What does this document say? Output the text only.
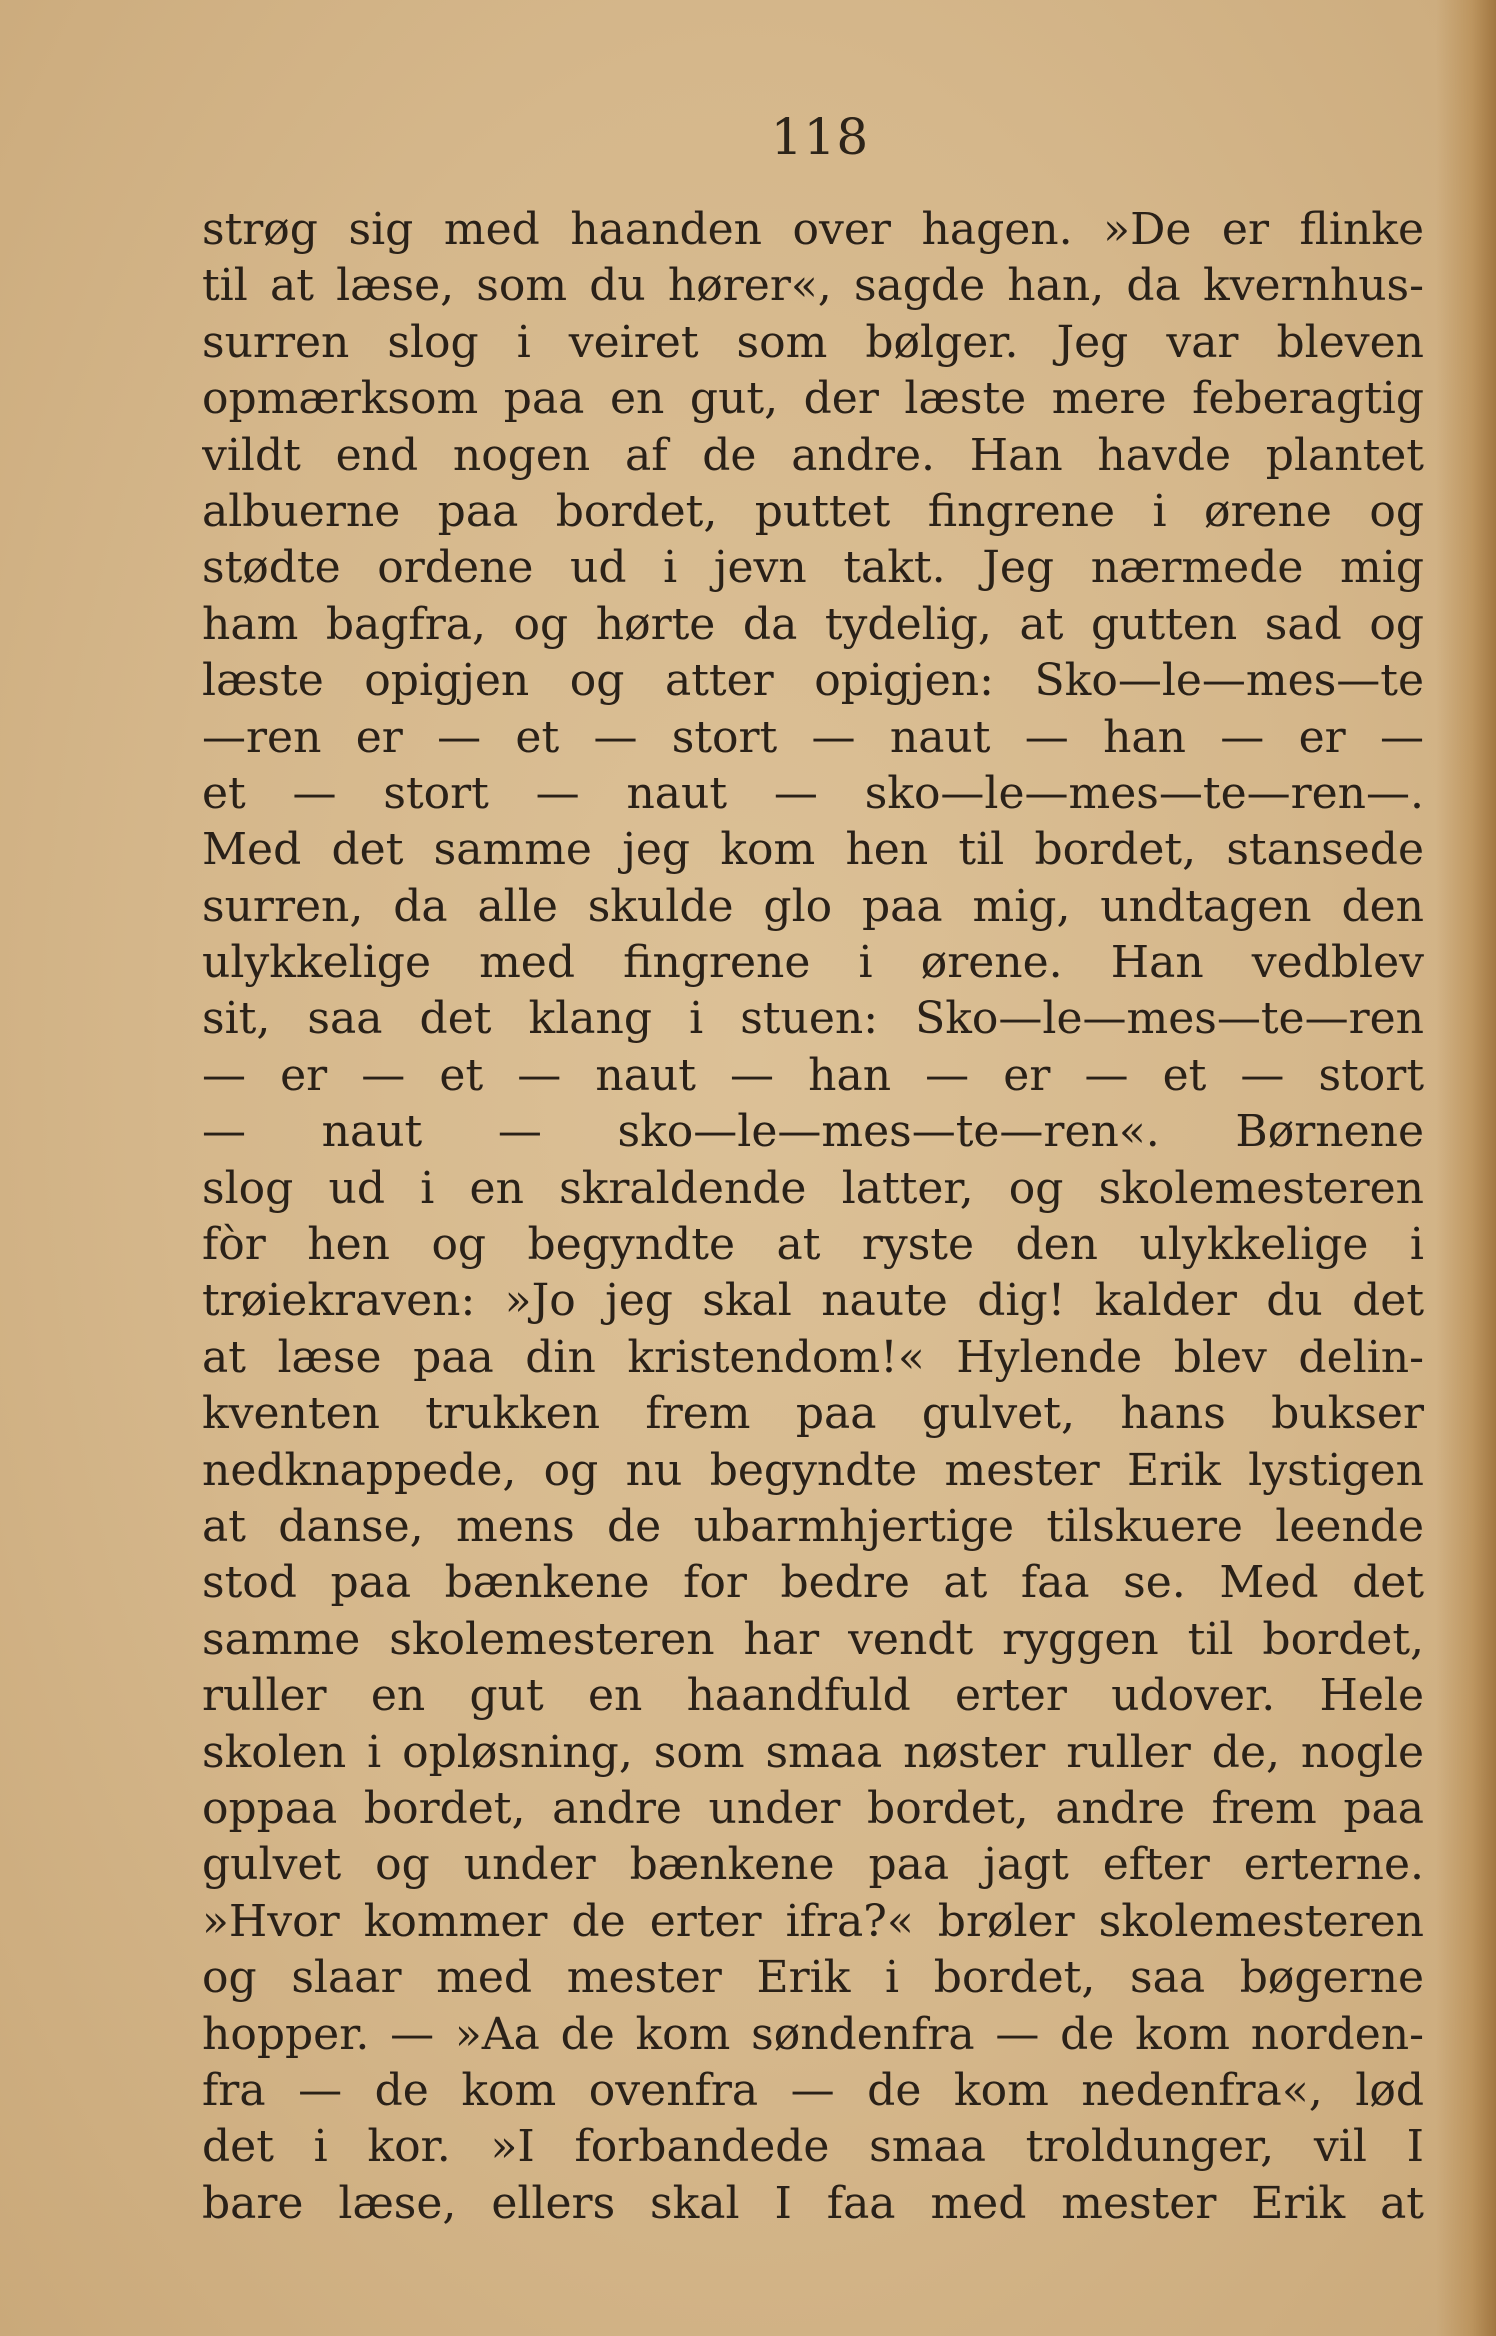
118
strøg sig med haanden over hagen. »De er flinke
til at læse, som du hører«, sagde han, da kvernhus-
surren slog i veiret som bølger. Jeg var bleven
opmærksom paa en gut, der læste mere feberagtig
vildt end nogen af de andre. Han havde plantet
albuerne paa bordet, puttet fingrene i ørene og
stødte ordene ud i jevn takt. Jeg nærmede mig
ham bagfra, og hørte da tydelig, at gutten sad og
læste opigjen og atter opigjen: Sko—le—mes—te
—ren er — et — stort — naut — han — er —
et — stort — naut — sko—le—mes—te—ren—.
Med det samme jeg kom hen til bordet, stansede
surren, da alle skulde glo paa mig, undtagen den
ulykkelige med fingrene i ørene. Han vedblev
sit, saa det klang i stuen: Sko—le—mes—te—ren
— er — et — naut — han — er — et — stort
— naut — sko—le—mes—te—ren«. Børnene
slog ud i en skraldende latter, og skolemesteren
fòr hen og begyndte at ryste den ulykkelige i
trøiekraven: »Jo jeg skal naute dig! kalder du det
at læse paa din kristendom!« Hylende blev delin-
kventen trukken frem paa gulvet, hans bukser
nedknappede, og nu begyndte mester Erik lystigen
at danse, mens de ubarmhjertige tilskuere leende
stod paa bænkene for bedre at faa se. Med det
samme skolemesteren har vendt ryggen til bordet,
ruller en gut en haandfuld erter udover. Hele
skolen i opløsning, som smaa nøster ruller de, nogle
oppaa bordet, andre under bordet, andre frem paa
gulvet og under bænkene paa jagt efter erterne.
»Hvor kommer de erter ifra?« brøler skolemesteren
og slaar med mester Erik i bordet, saa bøgerne
hopper. — »Aa de kom søndenfra — de kom norden-
fra — de kom ovenfra — de kom nedenfra«, lød
det i kor. »I forbandede smaa troldunger, vil I
bare læse, ellers skal I faa med mester Erik at
